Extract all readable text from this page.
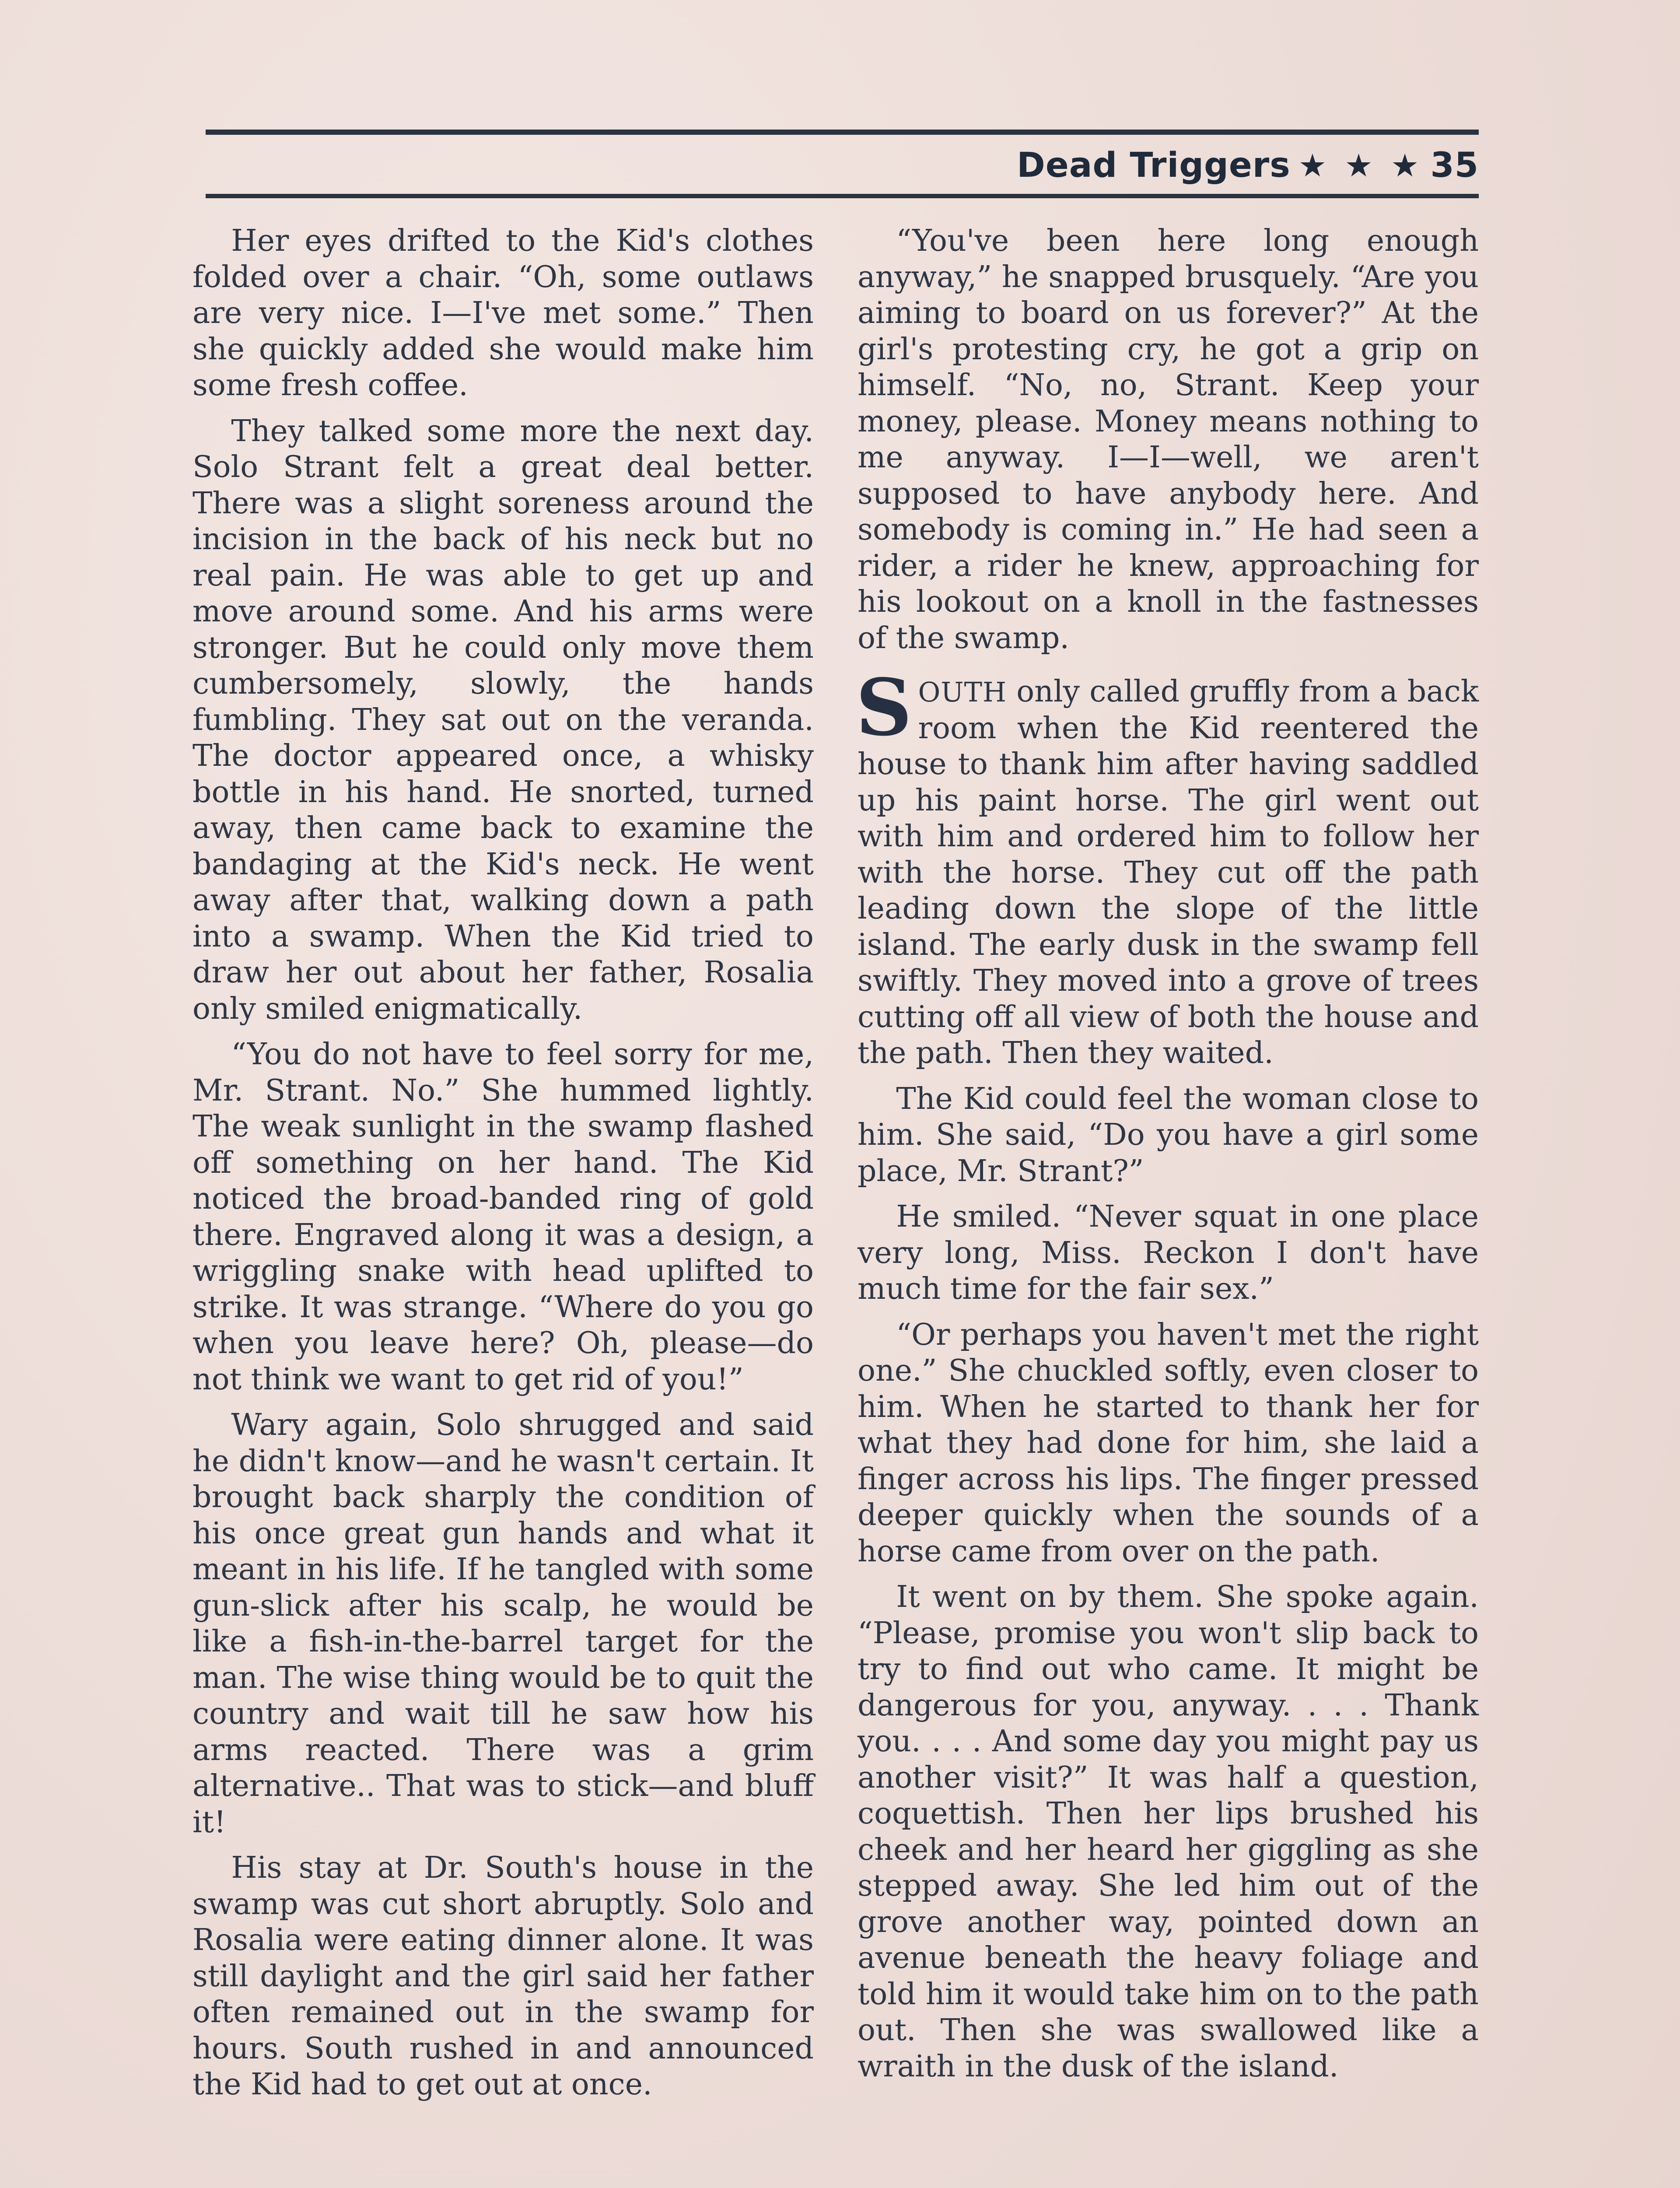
Dead Triggers ★ ★ ★ 35

Her eyes drifted to the Kid's clothes folded over a chair. “Oh, some outlaws are very nice. I—I've met some.” Then she quickly added she would make him some fresh coffee.

They talked some more the next day. Solo Strant felt a great deal better. There was a slight soreness around the incision in the back of his neck but no real pain. He was able to get up and move around some. And his arms were stronger. But he could only move them cumbersomely, slowly, the hands fumbling. They sat out on the veranda. The doctor appeared once, a whisky bottle in his hand. He snorted, turned away, then came back to examine the bandaging at the Kid's neck. He went away after that, walking down a path into a swamp. When the Kid tried to draw her out about her father, Rosalia only smiled enigmatically.

“You do not have to feel sorry for me, Mr. Strant. No.” She hummed lightly. The weak sunlight in the swamp flashed off something on her hand. The Kid noticed the broad-banded ring of gold there. Engraved along it was a design, a wriggling snake with head uplifted to strike. It was strange. “Where do you go when you leave here? Oh, please—do not think we want to get rid of you!”

Wary again, Solo shrugged and said he didn't know—and he wasn't certain. It brought back sharply the condition of his once great gun hands and what it meant in his life. If he tangled with some gun-slick after his scalp, he would be like a fish-in-the-barrel target for the man. The wise thing would be to quit the country and wait till he saw how his arms reacted. There was a grim alternative.. That was to stick—and bluff it!

His stay at Dr. South's house in the swamp was cut short abruptly. Solo and Rosalia were eating dinner alone. It was still daylight and the girl said her father often remained out in the swamp for hours. South rushed in and announced the Kid had to get out at once.

“You've been here long enough anyway,” he snapped brusquely. “Are you aiming to board on us forever?” At the girl's protesting cry, he got a grip on himself. “No, no, Strant. Keep your money, please. Money means nothing to me anyway. I—I—well, we aren't supposed to have anybody here. And somebody is coming in.” He had seen a rider, a rider he knew, approaching for his lookout on a knoll in the fastnesses of the swamp.

SOUTH only called gruffly from a back room when the Kid reentered the house to thank him after having saddled up his paint horse. The girl went out with him and ordered him to follow her with the horse. They cut off the path leading down the slope of the little island. The early dusk in the swamp fell swiftly. They moved into a grove of trees cutting off all view of both the house and the path. Then they waited.

The Kid could feel the woman close to him. She said, “Do you have a girl some place, Mr. Strant?”

He smiled. “Never squat in one place very long, Miss. Reckon I don't have much time for the fair sex.”

“Or perhaps you haven't met the right one.” She chuckled softly, even closer to him. When he started to thank her for what they had done for him, she laid a finger across his lips. The finger pressed deeper quickly when the sounds of a horse came from over on the path.

It went on by them. She spoke again. “Please, promise you won't slip back to try to find out who came. It might be dangerous for you, anyway. . . . Thank you. . . . And some day you might pay us another visit?” It was half a question, coquettish. Then her lips brushed his cheek and her heard her giggling as she stepped away. She led him out of the grove another way, pointed down an avenue beneath the heavy foliage and told him it would take him on to the path out. Then she was swallowed like a wraith in the dusk of the island.
